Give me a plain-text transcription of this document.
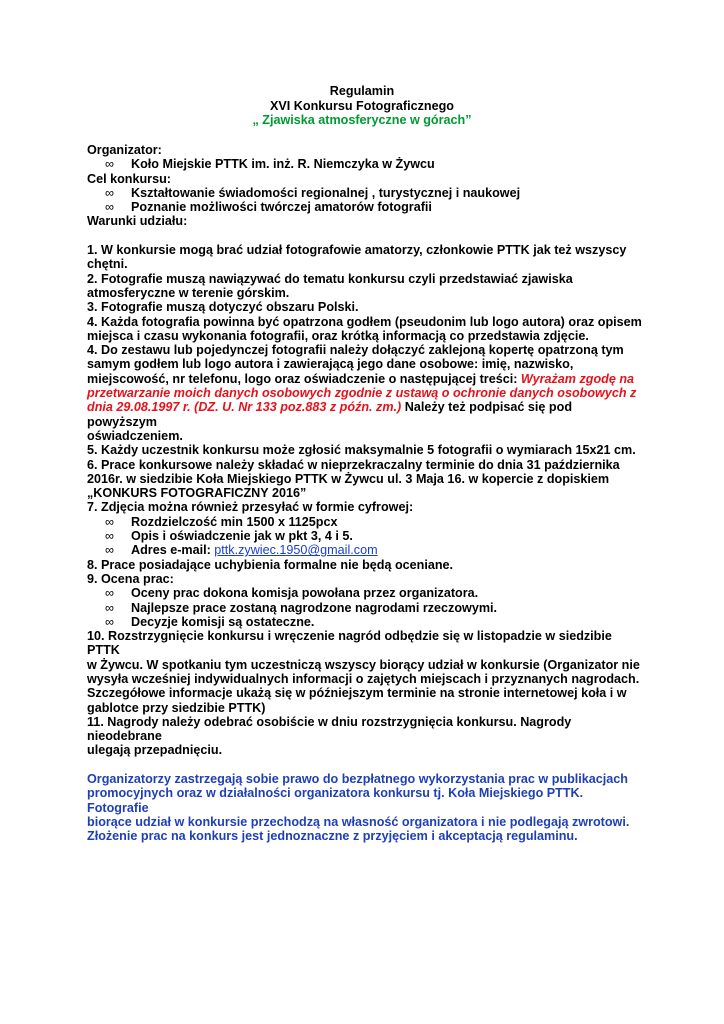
Regulamin
XVI Konkursu Fotograficznego
„ Zjawiska atmosferyczne w górach”
Organizator:
∞ Koło Miejskie PTTK im. inż. R. Niemczyka w Żywcu
Cel konkursu:
∞ Kształtowanie świadomości regionalnej , turystycznej i naukowej
∞ Poznanie możliwości twórczej amatorów fotografii
Warunki udziału:
1. W konkursie mogą brać udział fotografowie amatorzy, członkowie PTTK jak też wszyscy
chętni.
2. Fotografie muszą nawiązywać do tematu konkursu czyli przedstawiać zjawiska
atmosferyczne w terenie górskim.
3. Fotografie muszą dotyczyć obszaru Polski.
4. Każda fotografia powinna być opatrzona godłem (pseudonim lub logo autora) oraz opisem
miejsca i czasu wykonania fotografii, oraz krótką informacją co przedstawia zdjęcie.
4. Do zestawu lub pojedynczej fotografii należy dołączyć zaklejoną kopertę opatrzoną tym
samym godłem lub logo autora i zawierającą jego dane osobowe: imię, nazwisko,
miejscowość, nr telefonu, logo oraz oświadczenie o następującej treści: Wyrażam zgodę na
przetwarzanie moich danych osobowych zgodnie z ustawą o ochronie danych osobowych z
dnia 29.08.1997 r. (DZ. U. Nr 133 poz.883 z późn. zm.) Należy też podpisać się pod powyższym
oświadczeniem.
5. Każdy uczestnik konkursu może zgłosić maksymalnie 5 fotografii o wymiarach 15x21 cm.
6. Prace konkursowe należy składać w nieprzekraczalny terminie do dnia 31 października
2016r. w siedzibie Koła Miejskiego PTTK w Żywcu ul. 3 Maja 16. w kopercie z dopiskiem
„KONKURS FOTOGRAFICZNY 2016”
7. Zdjęcia można również przesyłać w formie cyfrowej:
∞ Rozdzielczość min 1500 x 1125pcx
∞ Opis i oświadczenie jak w pkt 3, 4 i 5.
∞ Adres e-mail: pttk.zywiec.1950@gmail.com
8. Prace posiadające uchybienia formalne nie będą oceniane.
9. Ocena prac:
∞ Oceny prac dokona komisja powołana przez organizatora.
∞ Najlepsze prace zostaną nagrodzone nagrodami rzeczowymi.
∞ Decyzje komisji są ostateczne.
10. Rozstrzygnięcie konkursu i wręczenie nagród odbędzie się w listopadzie w siedzibie PTTK
w Żywcu. W spotkaniu tym uczestniczą wszyscy biorący udział w konkursie (Organizator nie
wysyła wcześniej indywidualnych informacji o zajętych miejscach i przyznanych nagrodach.
Szczegółowe informacje ukażą się w późniejszym terminie na stronie internetowej koła i w
gablotce przy siedzibie PTTK)
11. Nagrody należy odebrać osobiście w dniu rozstrzygnięcia konkursu. Nagrody nieodebrane
ulegają przepadnięciu.
Organizatorzy zastrzegają sobie prawo do bezpłatnego wykorzystania prac w publikacjach
promocyjnych oraz w działalności organizatora konkursu tj. Koła Miejskiego PTTK. Fotografie
biorące udział w konkursie przechodzą na własność organizatora i nie podlegają zwrotowi.
Złożenie prac na konkurs jest jednoznaczne z przyjęciem i akceptacją regulaminu.
